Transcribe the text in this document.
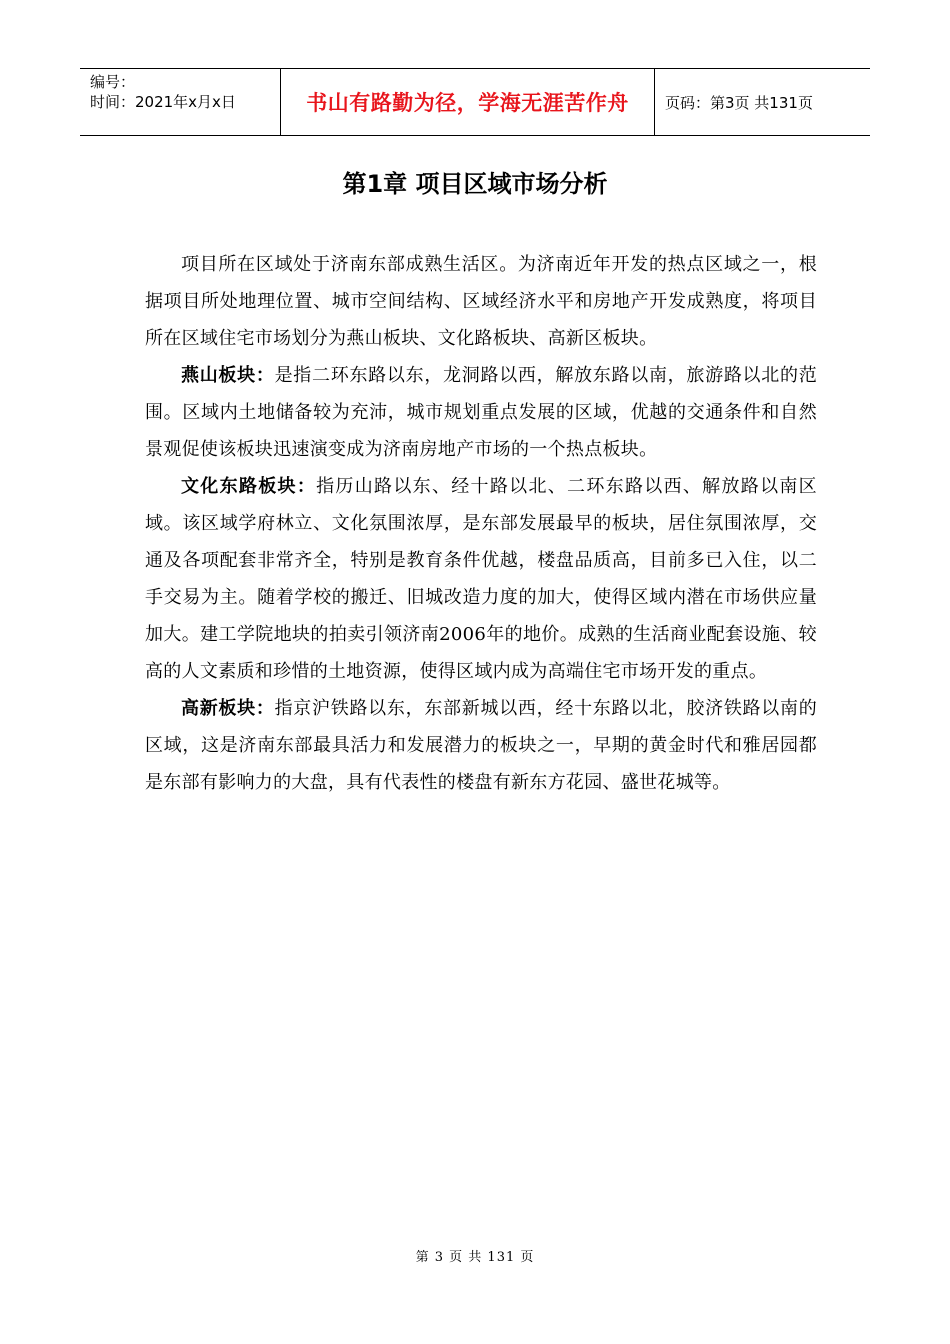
编号：
时间：2021年x月x日	书山有路勤为径，学海无涯苦作舟	页码：第3页 共131页
第1章 项目区域市场分析

项目所在区域处于济南东部成熟生活区。为济南近年开发的热点区域之一，根据项目所处地理位置、城市空间结构、区域经济水平和房地产开发成熟度，将项目所在区域住宅市场划分为燕山板块、文化路板块、高新区板块。

燕山板块：是指二环东路以东，龙洞路以西，解放东路以南，旅游路以北的范围。区域内土地储备较为充沛，城市规划重点发展的区域，优越的交通条件和自然景观促使该板块迅速演变成为济南房地产市场的一个热点板块。

文化东路板块：指历山路以东、经十路以北、二环东路以西、解放路以南区域。该区域学府林立、文化氛围浓厚，是东部发展最早的板块，居住氛围浓厚，交通及各项配套非常齐全，特别是教育条件优越，楼盘品质高，目前多已入住，以二手交易为主。随着学校的搬迁、旧城改造力度的加大，使得区域内潜在市场供应量加大。建工学院地块的拍卖引领济南2006年的地价。成熟的生活商业配套设施、较高的人文素质和珍惜的土地资源，使得区域内成为高端住宅市场开发的重点。

高新板块：指京沪铁路以东，东部新城以西，经十东路以北，胶济铁路以南的区域，这是济南东部最具活力和发展潜力的板块之一，早期的黄金时代和雅居园都是东部有影响力的大盘，具有代表性的楼盘有新东方花园、盛世花城等。

第 3 页 共 131 页
